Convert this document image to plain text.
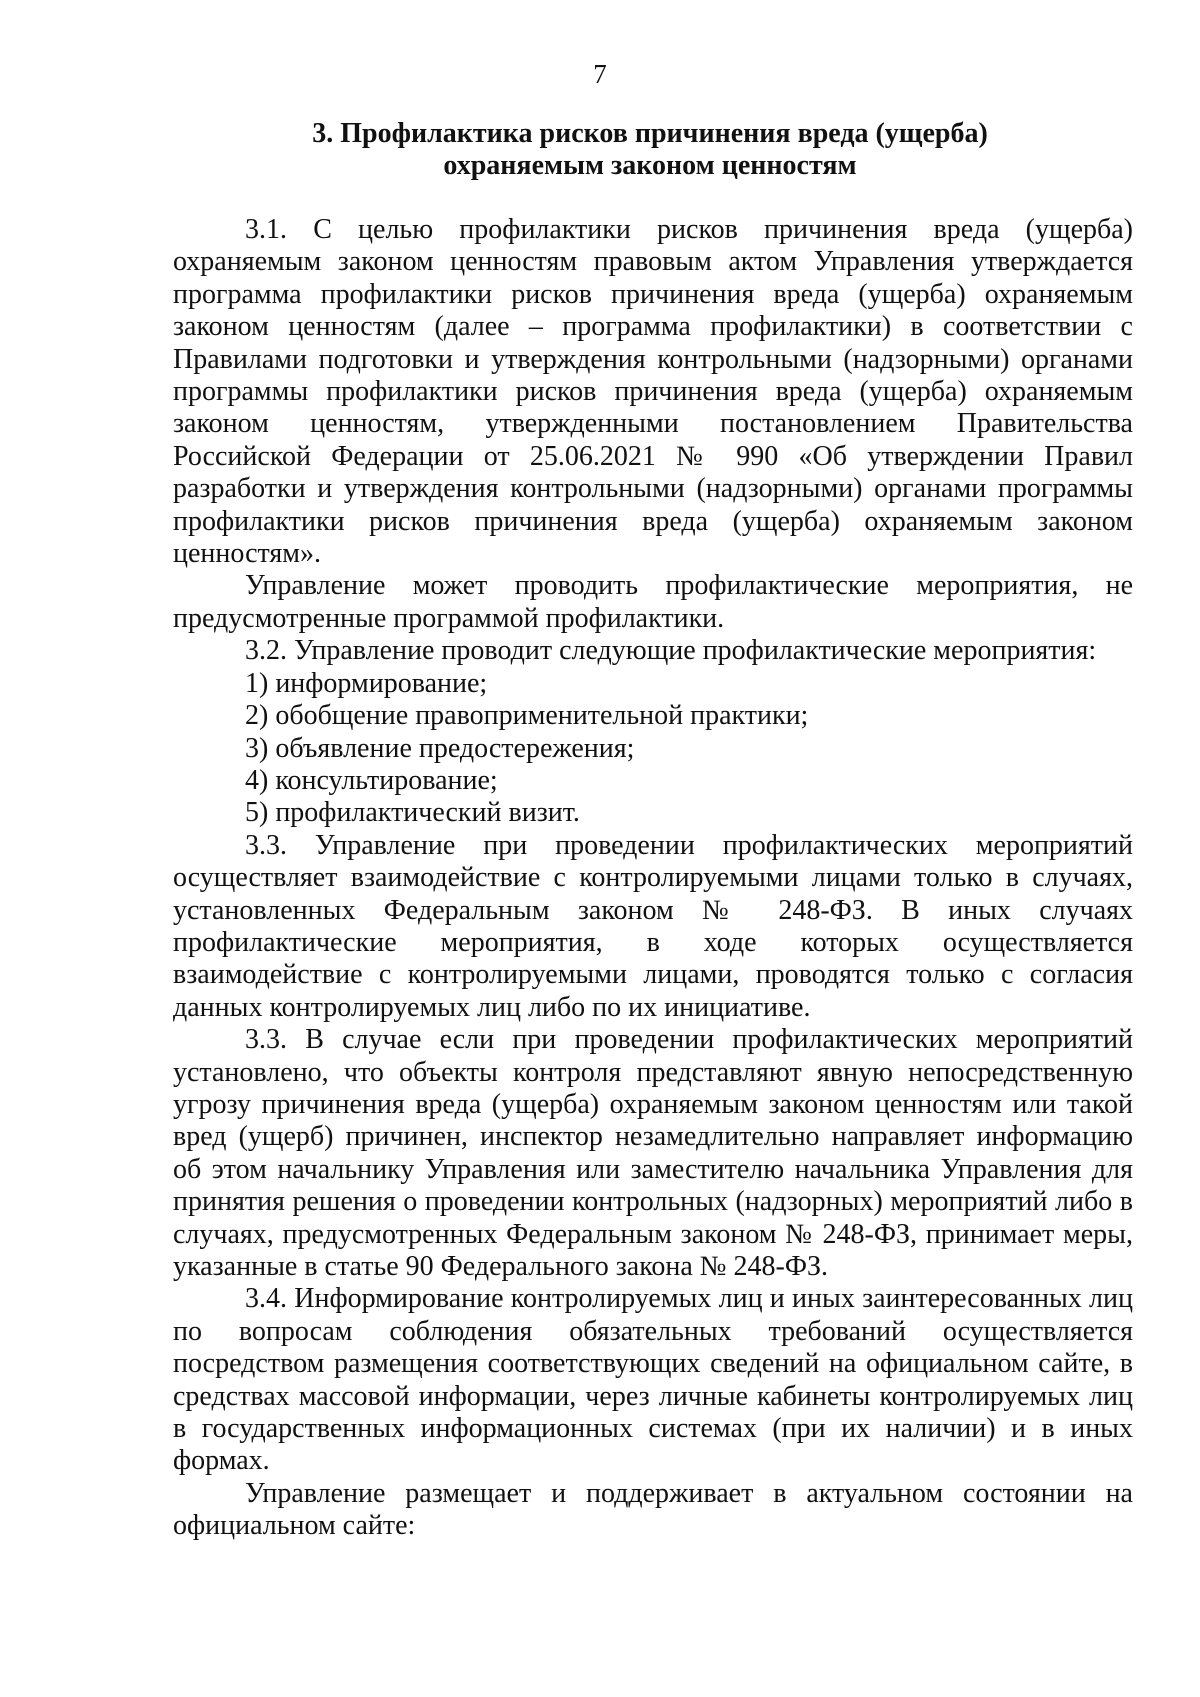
7
3. Профилактика рисков причинения вреда (ущерба)
охраняемым законом ценностям

3.1. С целью профилактики рисков причинения вреда (ущерба) охраняемым законом ценностям правовым актом Управления утверждается программа профилактики рисков причинения вреда (ущерба) охраняемым законом ценностям (далее – программа профилактики) в соответствии с Правилами подготовки и утверждения контрольными (надзорными) органами программы профилактики рисков причинения вреда (ущерба) охраняемым законом ценностям, утвержденными постановлением Правительства Российской Федерации от 25.06.2021 № 990 «Об утверждении Правил разработки и утверждения контрольными (надзорными) органами программы профилактики рисков причинения вреда (ущерба) охраняемым законом ценностям».

Управление может проводить профилактические мероприятия, не предусмотренные программой профилактики.

3.2. Управление проводит следующие профилактические мероприятия:

1) информирование;

2) обобщение правоприменительной практики;

3) объявление предостережения;

4) консультирование;

5) профилактический визит.

3.3. Управление при проведении профилактических мероприятий осуществляет взаимодействие с контролируемыми лицами только в случаях, установленных Федеральным законом № 248-ФЗ. В иных случаях профилактические мероприятия, в ходе которых осуществляется взаимодействие с контролируемыми лицами, проводятся только с согласия данных контролируемых лиц либо по их инициативе.

3.3. В случае если при проведении профилактических мероприятий установлено, что объекты контроля представляют явную непосредственную угрозу причинения вреда (ущерба) охраняемым законом ценностям или такой вред (ущерб) причинен, инспектор незамедлительно направляет информацию об этом начальнику Управления или заместителю начальника Управления для принятия решения о проведении контрольных (надзорных) мероприятий либо в случаях, предусмотренных Федеральным законом № 248-ФЗ, принимает меры, указанные в статье 90 Федерального закона № 248-ФЗ.

3.4. Информирование контролируемых лиц и иных заинтересованных лиц по вопросам соблюдения обязательных требований осуществляется посредством размещения соответствующих сведений на официальном сайте, в средствах массовой информации, через личные кабинеты контролируемых лиц в государственных информационных системах (при их наличии) и в иных формах.

Управление размещает и поддерживает в актуальном состоянии на официальном сайте:
